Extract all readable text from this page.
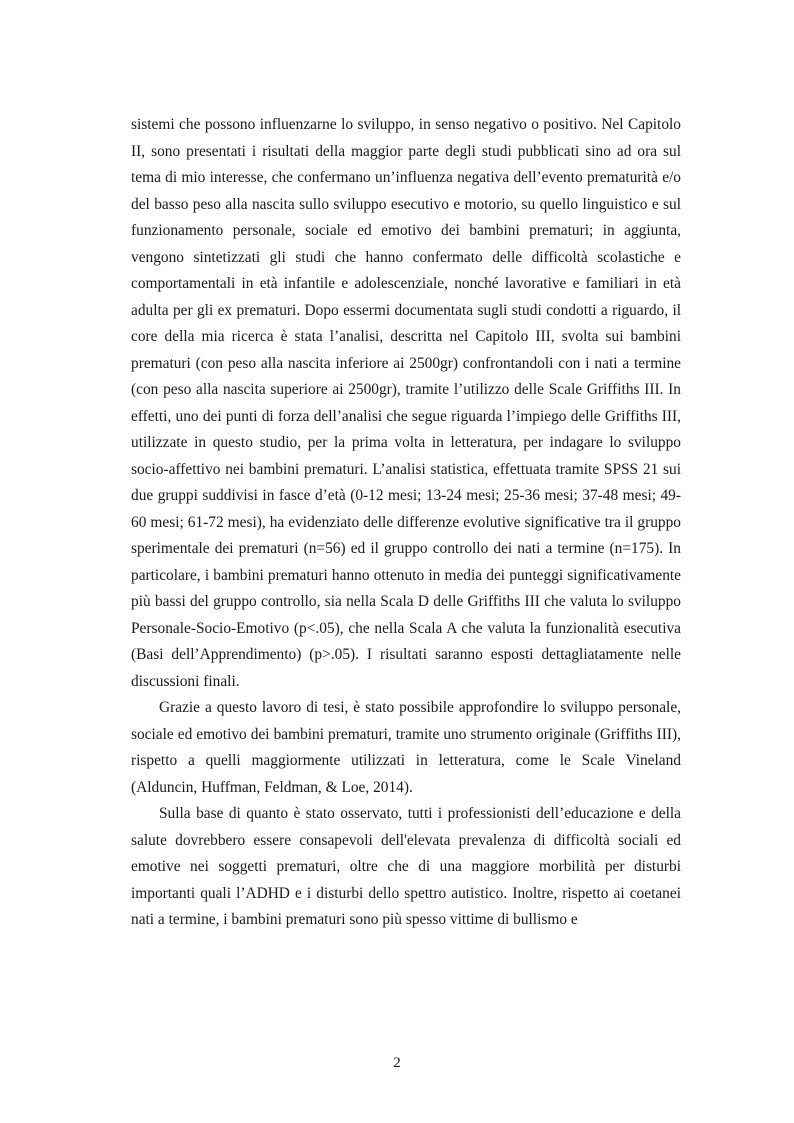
sistemi che possono influenzarne lo sviluppo, in senso negativo o positivo. Nel Capitolo II, sono presentati i risultati della maggior parte degli studi pubblicati sino ad ora sul tema di mio interesse, che confermano un’influenza negativa dell’evento prematurità e/o del basso peso alla nascita sullo sviluppo esecutivo e motorio, su quello linguistico e sul funzionamento personale, sociale ed emotivo dei bambini prematuri; in aggiunta, vengono sintetizzati gli studi che hanno confermato delle difficoltà scolastiche e comportamentali in età infantile e adolescenziale, nonché lavorative e familiari in età adulta per gli ex prematuri. Dopo essermi documentata sugli studi condotti a riguardo, il core della mia ricerca è stata l’analisi, descritta nel Capitolo III, svolta sui bambini prematuri (con peso alla nascita inferiore ai 2500gr) confrontandoli con i nati a termine (con peso alla nascita superiore ai 2500gr), tramite l’utilizzo delle Scale Griffiths III. In effetti, uno dei punti di forza dell’analisi che segue riguarda l’impiego delle Griffiths III, utilizzate in questo studio, per la prima volta in letteratura, per indagare lo sviluppo socio-affettivo nei bambini prematuri. L’analisi statistica, effettuata tramite SPSS 21 sui due gruppi suddivisi in fasce d’età (0-12 mesi; 13-24 mesi; 25-36 mesi; 37-48 mesi; 49-60 mesi; 61-72 mesi), ha evidenziato delle differenze evolutive significative tra il gruppo sperimentale dei prematuri (n=56) ed il gruppo controllo dei nati a termine (n=175). In particolare, i bambini prematuri hanno ottenuto in media dei punteggi significativamente più bassi del gruppo controllo, sia nella Scala D delle Griffiths III che valuta lo sviluppo Personale-Socio-Emotivo (p<.05), che nella Scala A che valuta la funzionalità esecutiva (Basi dell’Apprendimento) (p>.05). I risultati saranno esposti dettagliatamente nelle discussioni finali.

Grazie a questo lavoro di tesi, è stato possibile approfondire lo sviluppo personale, sociale ed emotivo dei bambini prematuri, tramite uno strumento originale (Griffiths III), rispetto a quelli maggiormente utilizzati in letteratura, come le Scale Vineland (Alduncin, Huffman, Feldman, & Loe, 2014).

Sulla base di quanto è stato osservato, tutti i professionisti dell’educazione e della salute dovrebbero essere consapevoli dell'elevata prevalenza di difficoltà sociali ed emotive nei soggetti prematuri, oltre che di una maggiore morbilità per disturbi importanti quali l’ADHD e i disturbi dello spettro autistico. Inoltre, rispetto ai coetanei nati a termine, i bambini prematuri sono più spesso vittime di bullismo e

2
